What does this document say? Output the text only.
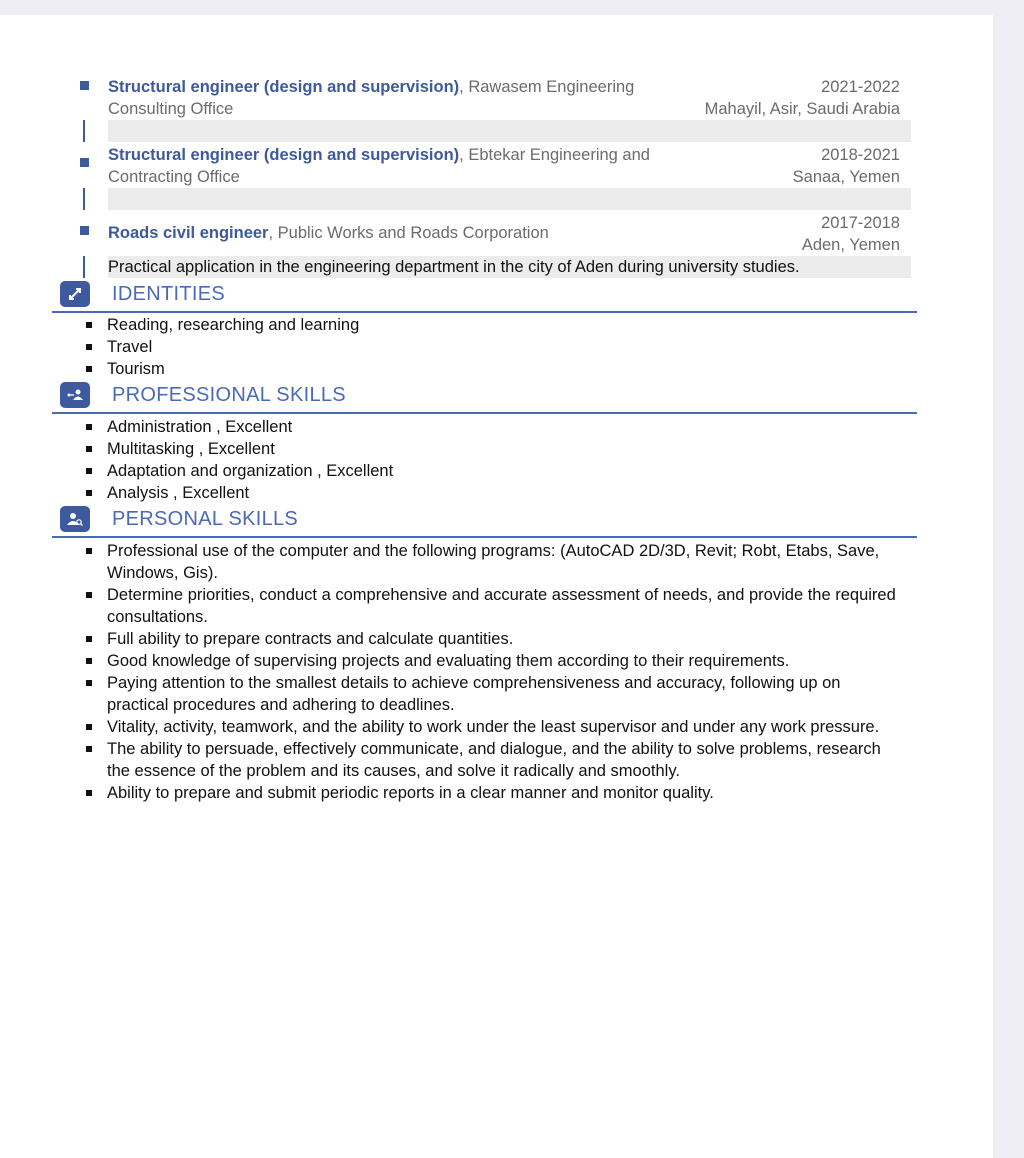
Structural engineer (design and supervision), Rawasem Engineering
Consulting Office
2021-2022
Mahayil, Asir, Saudi Arabia
Structural engineer (design and supervision), Ebtekar Engineering and
Contracting Office
2018-2021
Sanaa, Yemen
Roads civil engineer, Public Works and Roads Corporation
2017-2018
Aden, Yemen
Practical application in the engineering department in the city of Aden during university studies.
IDENTITIES
Reading, researching and learning
Travel
Tourism
PROFESSIONAL SKILLS
Administration , Excellent
Multitasking , Excellent
Adaptation and organization , Excellent
Analysis , Excellent
PERSONAL SKILLS
Professional use of the computer and the following programs: (AutoCAD 2D/3D, Revit; Robt, Etabs, Save, Windows, Gis).
Determine priorities, conduct a comprehensive and accurate assessment of needs, and provide the required consultations.
Full ability to prepare contracts and calculate quantities.
Good knowledge of supervising projects and evaluating them according to their requirements.
Paying attention to the smallest details to achieve comprehensiveness and accuracy, following up on practical procedures and adhering to deadlines.
Vitality, activity, teamwork, and the ability to work under the least supervisor and under any work pressure.
The ability to persuade, effectively communicate, and dialogue, and the ability to solve problems, research the essence of the problem and its causes, and solve it radically and smoothly.
Ability to prepare and submit periodic reports in a clear manner and monitor quality.
